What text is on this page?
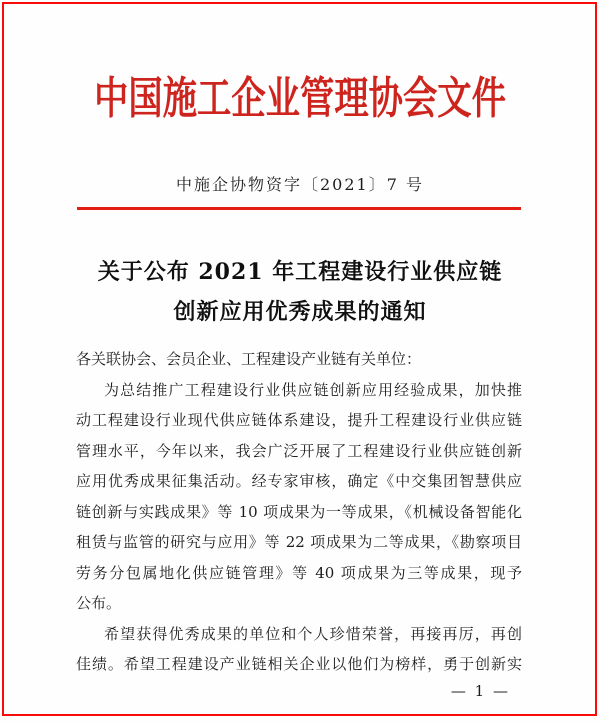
中国施工企业管理协会文件
中施企协物资字〔2021〕7 号
关于公布 2021 年工程建设行业供应链
创新应用优秀成果的通知
各关联协会、会员企业、工程建设产业链有关单位：
为总结推广工程建设行业供应链创新应用经验成果，加快推
动工程建设行业现代供应链体系建设，提升工程建设行业供应链
管理水平，今年以来，我会广泛开展了工程建设行业供应链创新
应用优秀成果征集活动。经专家审核，确定《中交集团智慧供应
链创新与实践成果》等 10 项成果为一等成果，《机械设备智能化
租赁与监管的研究与应用》等 22 项成果为二等成果，《勘察项目
劳务分包属地化供应链管理》等 40 项成果为三等成果，现予
公布。
希望获得优秀成果的单位和个人珍惜荣誉，再接再厉，再创
佳绩。希望工程建设产业链相关企业以他们为榜样，勇于创新实
— 1 —
